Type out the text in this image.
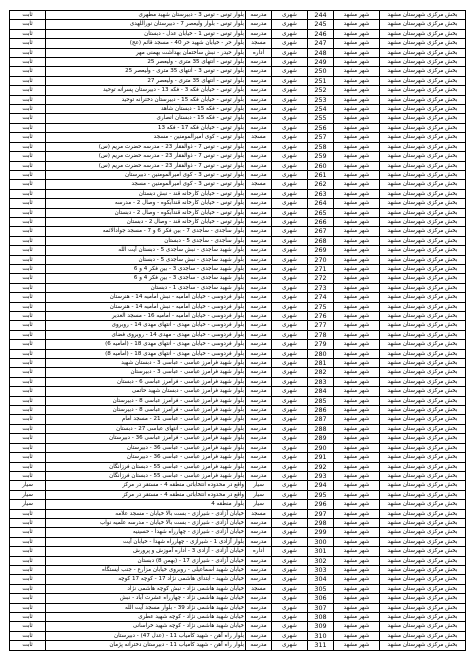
بخش مرکزی شهرستان مشهد	شهر مشهد	244	شهری	مدرسه	بلوار توس - توس 3 - دبیرستان شهید مطهری	ثابت
بخش مرکزی شهرستان مشهد	شهر مشهد	245	شهری	مدرسه	بلوار توس - بلوار ولیعصر 7 - دبیرستان نوراللهدی	ثابت
بخش مرکزی شهرستان مشهد	شهر مشهد	246	شهری	مدرسه	بلوار توس - توس 1 - خیابان عدل - دبستان	ثابت
بخش مرکزی شهرستان مشهد	شهر مشهد	247	شهری	مسجد	بلوار حر - خیابان شهید حر 40 - مسجد قائم (عج)	ثابت
بخش مرکزی شهرستان مشهد	شهر مشهد	248	شهری	اداره	بلوار حیدر - نبش ساختمان بهداشت بهمنی مهر	ثابت
بخش مرکزی شهرستان مشهد	شهر مشهد	249	شهری	مدرسه	بلوار توس - انتهای 35 متری - ولیعصر 25	ثابت
بخش مرکزی شهرستان مشهد	شهر مشهد	250	شهری	مدرسه	بلوار توس - توس 3 - انتهای 35 متری - ولیعصر 25	ثابت
بخش مرکزی شهرستان مشهد	شهر مشهد	251	شهری	مدرسه	بلوار توس - انتهای 35 متری - ولیعصر 27	ثابت
بخش مرکزی شهرستان مشهد	شهر مشهد	252	شهری	مدرسه	بلوار توس - خیابان فکه 3 - فکه 13 - دبیرستان پسرانه توحید	ثابت
بخش مرکزی شهرستان مشهد	شهر مشهد	253	شهری	مدرسه	بلوار توس - خیابان فکه 15 - دبیرستان دخترانه توحید	ثابت
بخش مرکزی شهرستان مشهد	شهر مشهد	254	شهری	مدرسه	بلوار توس - فکه 15 - دبستان شاهد	ثابت
بخش مرکزی شهرستان مشهد	شهر مشهد	255	شهری	مدرسه	بلوار توس - فکه 15 - دبستان انصاری	ثابت
بخش مرکزی شهرستان مشهد	شهر مشهد	256	شهری	مدرسه	بلوار توس - خیابان فکه 17 - فکه 13	ثابت
بخش مرکزی شهرستان مشهد	شهر مشهد	257	شهری	مسجد	بلوار توس - کوی امیرالمومنین - مسجد	ثابت
بخش مرکزی شهرستان مشهد	شهر مشهد	258	شهری	مدرسه	بلوار توس - توس 7 - ذوالفقار 23 - مدرسه حضرت مریم (س)	ثابت
بخش مرکزی شهرستان مشهد	شهر مشهد	259	شهری	مدرسه	بلوار توس - توس 7 - ذوالفقار 23 - مدرسه حضرت مریم (س)	ثابت
بخش مرکزی شهرستان مشهد	شهر مشهد	260	شهری	مدرسه	بلوار توس - توس 7 - ذوالفقار 23 - مدرسه حضرت مریم (س)	ثابت
بخش مرکزی شهرستان مشهد	شهر مشهد	261	شهری	مدرسه	بلوار توس - توس 3 - کوی امیرالمومنین - دبیرستان	ثابت
بخش مرکزی شهرستان مشهد	شهر مشهد	262	شهری	مسجد	بلوار توس - توس 3 - کوی امیرالمومنین - مسجد	ثابت
بخش مرکزی شهرستان مشهد	شهر مشهد	263	شهری	مدرسه	بلوار توس - خیابان کارخانه قند - نبش دبستان	ثابت
بخش مرکزی شهرستان مشهد	شهر مشهد	264	شهری	مدرسه	بلوار توس - خیابان کارخانه قندآبکوه - وصال 2 - مدرسه	ثابت
بخش مرکزی شهرستان مشهد	شهر مشهد	265	شهری	مدرسه	بلوار توس - خیابان کارخانه قندآبکوه - وصال 2 - دبستان	ثابت
بخش مرکزی شهرستان مشهد	شهر مشهد	266	شهری	مدرسه	بلوار توس - خیابان کارخانه قند - وصال 2 - دبستان	ثابت
بخش مرکزی شهرستان مشهد	شهر مشهد	267	شهری	مدرسه	بلوار ساجدی - ساجدی 7 - بین فکر 6 و 7 - مسجد جوادالائمه	ثابت
بخش مرکزی شهرستان مشهد	شهر مشهد	268	شهری	مدرسه	بلوار ساجدی - ساجدی 5 - دبستان	ثابت
بخش مرکزی شهرستان مشهد	شهر مشهد	269	شهری	مدرسه	بلوار شهید ساجدی - نبش ساجدی 5 - دبستان آیت الله	ثابت
بخش مرکزی شهرستان مشهد	شهر مشهد	270	شهری	مدرسه	بلوار شهید ساجدی - نبش ساجدی 5 - دبستان	ثابت
بخش مرکزی شهرستان مشهد	شهر مشهد	271	شهری	مدرسه	بلوار شهید ساجدی - ساجدی 3 - بین فکر 4 و 6	ثابت
بخش مرکزی شهرستان مشهد	شهر مشهد	272	شهری	مدرسه	بلوار شهید ساجدی - ساجدی 3 - بین فکر 4 و 6	ثابت
بخش مرکزی شهرستان مشهد	شهر مشهد	273	شهری	مدرسه	بلوار شهید ساجدی - ساجدی 1 - دبستان	ثابت
بخش مرکزی شهرستان مشهد	شهر مشهد	274	شهری	مدرسه	بلوار فردوسی - خیابان امامیه - نبش امامیه 14 - هنرستان	ثابت
بخش مرکزی شهرستان مشهد	شهر مشهد	275	شهری	مدرسه	بلوار فردوسی - خیابان امامیه - نبش امامیه 14 - هنرستان	ثابت
بخش مرکزی شهرستان مشهد	شهر مشهد	276	شهری	مدرسه	بلوار فردوسی - خیابان امامیه - امامیه 16 - مسجد الغدیر	ثابت
بخش مرکزی شهرستان مشهد	شهر مشهد	277	شهری	مدرسه	بلوار فردوسی - خیابان مهدی - انتهای مهدی 14 - روبروی	ثابت
بخش مرکزی شهرستان مشهد	شهر مشهد	278	شهری	مدرسه	بلوار فردوسی - خیابان مهدی - مهدی 14 - روبروی فضای	ثابت
بخش مرکزی شهرستان مشهد	شهر مشهد	279	شهری	مدرسه	بلوار فردوسی - خیابان مهدی - انتهای مهدی 18 - (امامیه 6)	ثابت
بخش مرکزی شهرستان مشهد	شهر مشهد	280	شهری	مدرسه	بلوار فردوسی - خیابان مهدی - انتهای مهدی 18 - (امامیه 8)	ثابت
بخش مرکزی شهرستان مشهد	شهر مشهد	281	شهری	مدرسه	بلوار شهید فرامرز عباسی - عباسی 3 - دبستان شهید	ثابت
بخش مرکزی شهرستان مشهد	شهر مشهد	282	شهری	مدرسه	بلوار شهید فرامرز عباسی - عباسی 3 - دبیرستان	ثابت
بخش مرکزی شهرستان مشهد	شهر مشهد	283	شهری	مدرسه	بلوار شهید فرامرز عباسی - فرامرز عباسی 6 - دبستان	ثابت
بخش مرکزی شهرستان مشهد	شهر مشهد	284	شهری	مدرسه	بلوار شهید فرامرز عباسی - دبستان شهید حاتمی	ثابت
بخش مرکزی شهرستان مشهد	شهر مشهد	285	شهری	مدرسه	بلوار شهید فرامرز عباسی - فرامرز عباسی 8 - دبیرستان	ثابت
بخش مرکزی شهرستان مشهد	شهر مشهد	286	شهری	مدرسه	بلوار شهید فرامرز عباسی - فرامرز عباسی 8 - دبیرستان	ثابت
بخش مرکزی شهرستان مشهد	شهر مشهد	287	شهری	مدرسه	بلوار شهید فرامرز عباسی - عباسی 21 - مسجد امام	ثابت
بخش مرکزی شهرستان مشهد	شهر مشهد	288	شهری	مدرسه	بلوار شهید فرامرز عباسی - انتهای عباسی 27 - دبستان	ثابت
بخش مرکزی شهرستان مشهد	شهر مشهد	289	شهری	مدرسه	بلوار شهید فرامرز عباسی - فرامرز عباسی 36 - دبیرستان	ثابت
بخش مرکزی شهرستان مشهد	شهر مشهد	290	شهری	مدرسه	بلوار شهید فرامرز عباسی - عباسی 36 - دبیرستان	ثابت
بخش مرکزی شهرستان مشهد	شهر مشهد	291	شهری	مدرسه	بلوار شهید فرامرز عباسی - عباسی 36 - دبیرستان	ثابت
بخش مرکزی شهرستان مشهد	شهر مشهد	292	شهری	مدرسه	بلوار شهید فرامرز عباسی - عباسی 55 - دبستان فرزانگان	ثابت
بخش مرکزی شهرستان مشهد	شهر مشهد	293	شهری	مدرسه	بلوار شهید فرامرز عباسی - عباسی 55 - دبستان فرزانگان	ثابت
بخش مرکزی شهرستان مشهد	شهر مشهد	294	شهری	سیار	واقع در محدوده انتخاباتی منطقه 4 - مستقر در مرکز	سیار
بخش مرکزی شهرستان مشهد	شهر مشهد	295	شهری	سیار	واقع در محدوده انتخاباتی منطقه 4 - مستقر در مرکز	سیار
بخش مرکزی شهرستان مشهد	شهر مشهد	296	شهری	سیار	بلوار منطقه 4	سیار
بخش مرکزی شهرستان مشهد	شهر مشهد	297	شهری	مسجد	خیابان آزادی - شیرازی - بست بالا خیابان - مسجد علامه	ثابت
بخش مرکزی شهرستان مشهد	شهر مشهد	298	شهری	مدرسه	خیابان آزادی - شیرازی - بست بالا خیابان - مدرسه علمیه نواب	ثابت
بخش مرکزی شهرستان مشهد	شهر مشهد	299	شهری	مدرسه	خیابان آزادی - شیرازی - چهارراه شهدا - حسینیه	ثابت
بخش مرکزی شهرستان مشهد	شهر مشهد	300	شهری	مدرسه	بلوار آزادی 1 - شیرازی - چهارراه شهدا - خیابان آیت	ثابت
بخش مرکزی شهرستان مشهد	شهر مشهد	301	شهری	اداره	خیابان آزادی - آزادی 3 - اداره آموزش و پرورش	ثابت
بخش مرکزی شهرستان مشهد	شهر مشهد	302	شهری	مدرسه	خیابان آزادی - شیرازی 17 - (بهمن 8) دبستان	ثابت
بخش مرکزی شهرستان مشهد	شهر مشهد	303	شهری	مدرسه	خیابان شهید اسماعیلی - روبروی خیابان مزارع - جنب ایستگاه	ثابت
بخش مرکزی شهرستان مشهد	شهر مشهد	304	شهری	مدرسه	خیابان شهید - ابتدای هاشمی نژاد 17 - کوچه 17 کوچه	ثابت
بخش مرکزی شهرستان مشهد	شهر مشهد	305	شهری	مسجد	خیابان شهید هاشمی نژاد - نبش کوچه هاشمی نژاد	ثابت
بخش مرکزی شهرستان مشهد	شهر مشهد	306	شهری	مدرسه	خیابان شهید هاشمی نژاد - چهارراه عشرت آباد - نبش	ثابت
بخش مرکزی شهرستان مشهد	شهر مشهد	307	شهری	مدرسه	خیابان شهید هاشمی نژاد 39 - بلوار مسجد آیت الله	ثابت
بخش مرکزی شهرستان مشهد	شهر مشهد	308	شهری	مدرسه	خیابان شهید هاشمی نژاد - کوچه شهید عطری	ثابت
بخش مرکزی شهرستان مشهد	شهر مشهد	309	شهری	مدرسه	خیابان شهید هاشمی نژاد - کوچه شهید خراسانی	ثابت
بخش مرکزی شهرستان مشهد	شهر مشهد	310	شهری	مدرسه	بلوار راه آهن - شهید کامیاب 11 - (عدل 47) - دبیرستان	ثابت
بخش مرکزی شهرستان مشهد	شهر مشهد	311	شهری	مدرسه	بلوار راه آهن - شهید کامیاب 11 - دبیرستان دخترانه پژمان	ثابت
